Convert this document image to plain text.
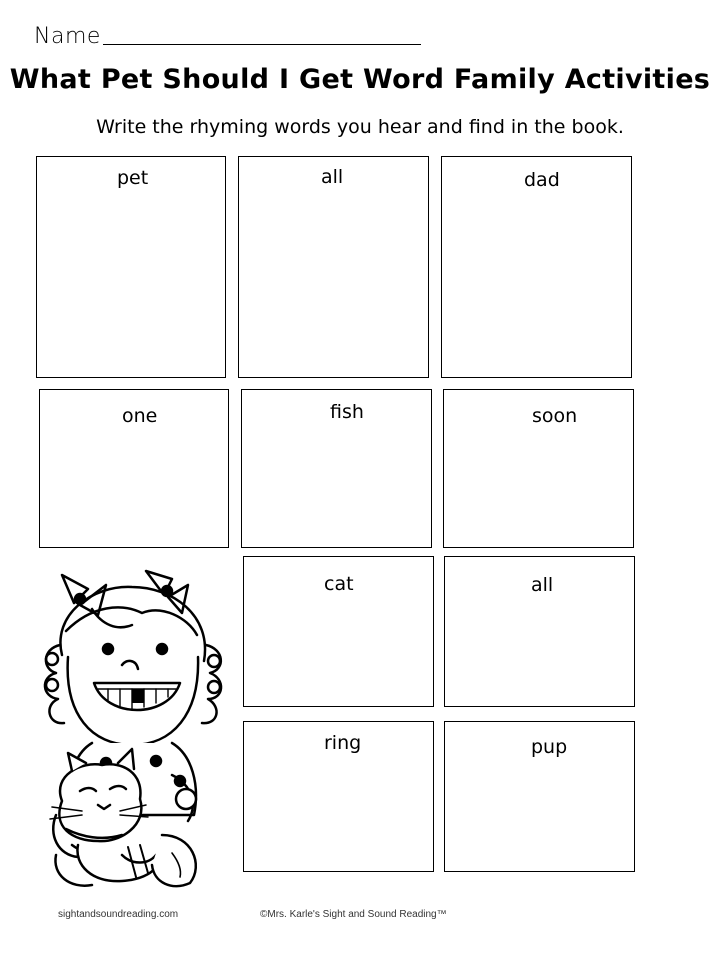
Name
What Pet Should I Get Word Family Activities
Write the rhyming words you hear and find in the book.
pet	all	dad
one	fish	soon
cat	all
ring	pup
sightandsoundreading.com	©Mrs. Karle's Sight and Sound Reading™
